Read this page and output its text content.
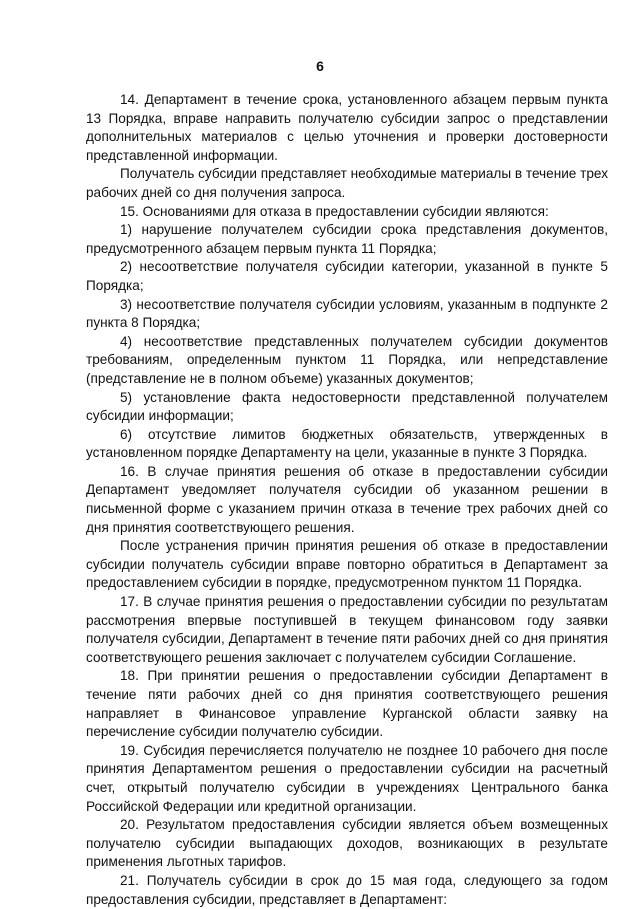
6

14. Департамент в течение срока, установленного абзацем первым пункта 13 Порядка, вправе направить получателю субсидии запрос о представлении дополнительных материалов с целью уточнения и проверки достоверности представленной информации.

Получатель субсидии представляет необходимые материалы в течение трех рабочих дней со дня получения запроса.

15. Основаниями для отказа в предоставлении субсидии являются:

1) нарушение получателем субсидии срока представления документов, предусмотренного абзацем первым пункта 11 Порядка;

2) несоответствие получателя субсидии категории, указанной в пункте 5 Порядка;

3) несоответствие получателя субсидии условиям, указанным в подпункте 2 пункта 8 Порядка;

4) несоответствие представленных получателем субсидии документов требованиям, определенным пунктом 11 Порядка, или непредставление (представление не в полном объеме) указанных документов;

5) установление факта недостоверности представленной получателем субсидии информации;

6) отсутствие лимитов бюджетных обязательств, утвержденных в установленном порядке Департаменту на цели, указанные в пункте 3 Порядка.

16. В случае принятия решения об отказе в предоставлении субсидии Департамент уведомляет получателя субсидии об указанном решении в письменной форме с указанием причин отказа в течение трех рабочих дней со дня принятия соответствующего решения.

После устранения причин принятия решения об отказе в предоставлении субсидии получатель субсидии вправе повторно обратиться в Департамент за предоставлением субсидии в порядке, предусмотренном пунктом 11 Порядка.

17. В случае принятия решения о предоставлении субсидии по результатам рассмотрения впервые поступившей в текущем финансовом году заявки получателя субсидии, Департамент в течение пяти рабочих дней со дня принятия соответствующего решения заключает с получателем субсидии Соглашение.

18. При принятии решения о предоставлении субсидии Департамент в течение пяти рабочих дней со дня принятия соответствующего решения направляет в Финансовое управление Курганской области заявку на перечисление субсидии получателю субсидии.

19. Субсидия перечисляется получателю не позднее 10 рабочего дня после принятия Департаментом решения о предоставлении субсидии на расчетный счет, открытый получателю субсидии в учреждениях Центрального банка Российской Федерации или кредитной организации.

20. Результатом предоставления субсидии является объем возмещенных получателю субсидии выпадающих доходов, возникающих в результате применения льготных тарифов.

21. Получатель субсидии в срок до 15 мая года, следующего за годом предоставления субсидии, представляет в Департамент:
